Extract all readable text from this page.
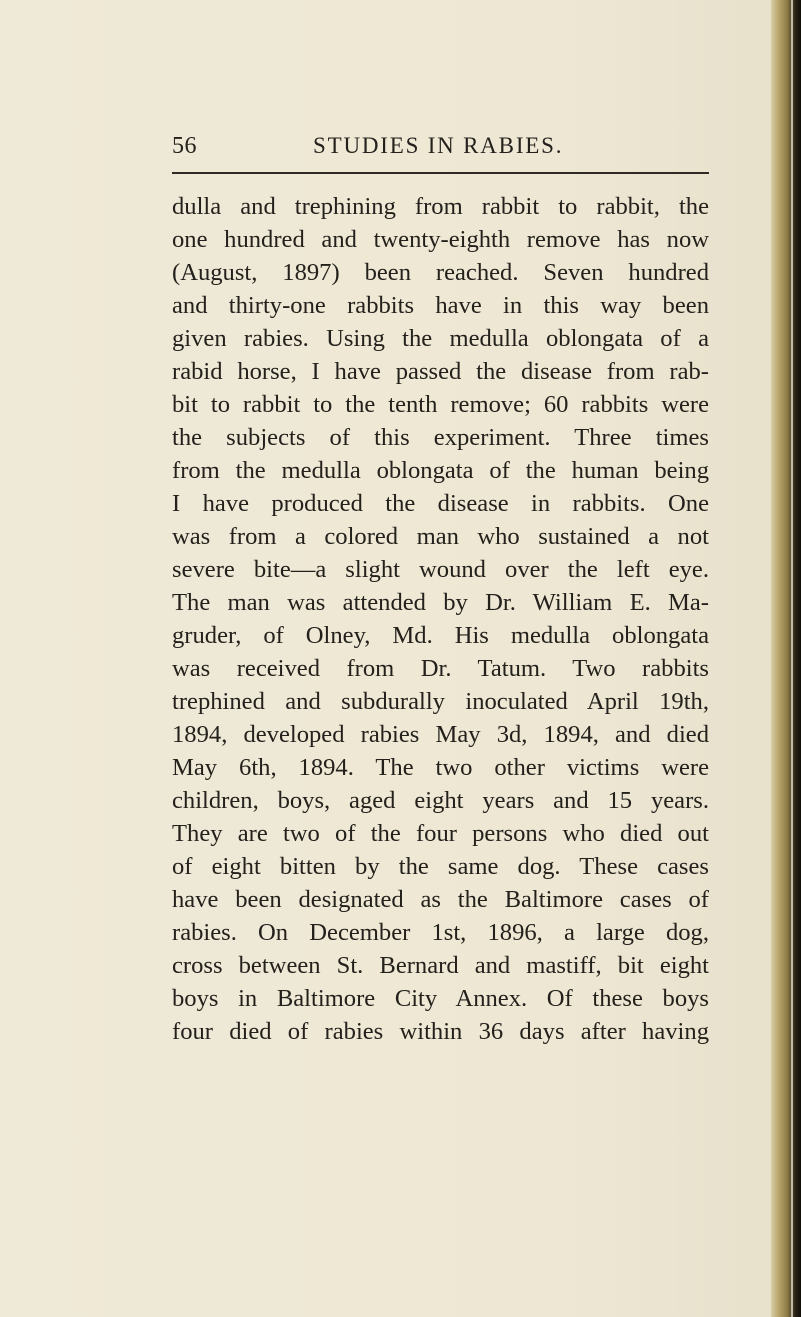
56	STUDIES IN RABIES.
dulla and trephining from rabbit to rabbit, the
one hundred and twenty-eighth remove has now
(August, 1897) been reached. Seven hundred
and thirty-one rabbits have in this way been
given rabies. Using the medulla oblongata of a
rabid horse, I have passed the disease from rab-
bit to rabbit to the tenth remove; 60 rabbits were
the subjects of this experiment. Three times
from the medulla oblongata of the human being
I have produced the disease in rabbits. One
was from a colored man who sustained a not
severe bite—a slight wound over the left eye.
The man was attended by Dr. William E. Ma-
gruder, of Olney, Md. His medulla oblongata
was received from Dr. Tatum. Two rabbits
trephined and subdurally inoculated April 19th,
1894, developed rabies May 3d, 1894, and died
May 6th, 1894. The two other victims were
children, boys, aged eight years and 15 years.
They are two of the four persons who died out
of eight bitten by the same dog. These cases
have been designated as the Baltimore cases of
rabies. On December 1st, 1896, a large dog,
cross between St. Bernard and mastiff, bit eight
boys in Baltimore City Annex. Of these boys
four died of rabies within 36 days after having
